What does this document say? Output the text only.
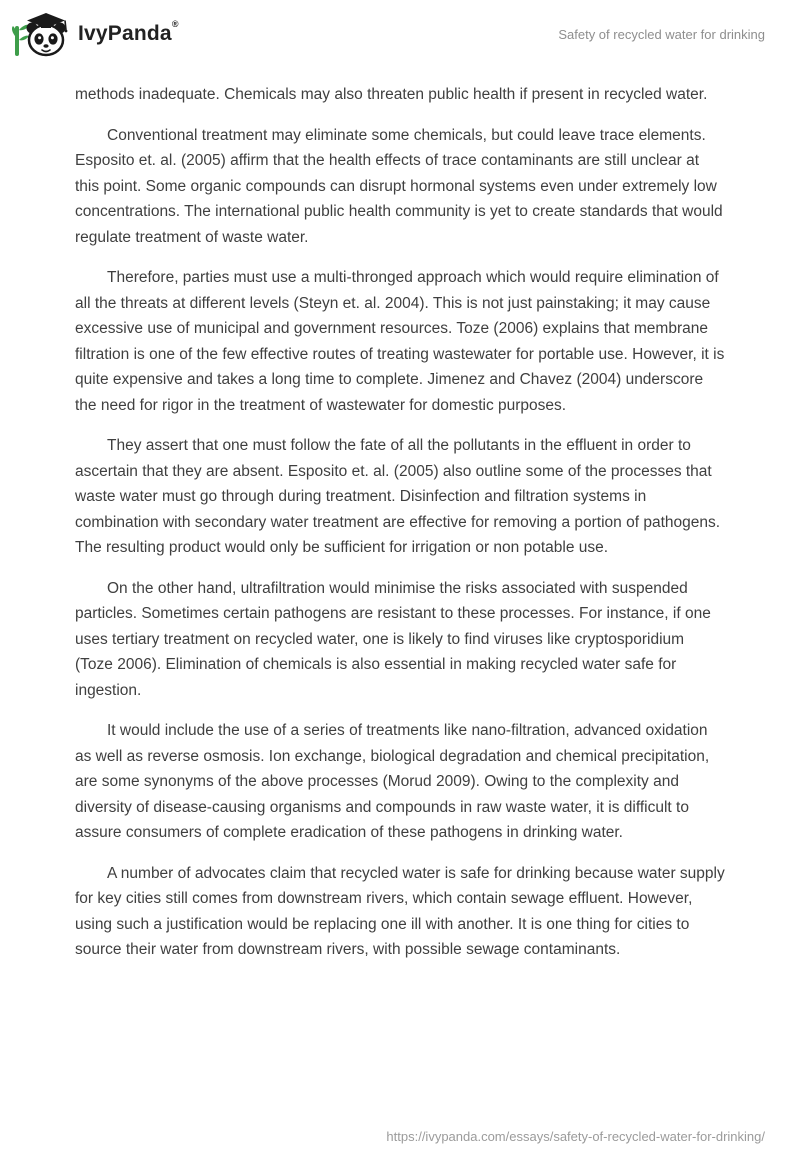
IvyPanda®
Safety of recycled water for drinking

methods inadequate. Chemicals may also threaten public health if present in recycled water.

Conventional treatment may eliminate some chemicals, but could leave trace elements. Esposito et. al. (2005) affirm that the health effects of trace contaminants are still unclear at this point. Some organic compounds can disrupt hormonal systems even under extremely low concentrations. The international public health community is yet to create standards that would regulate treatment of waste water.

Therefore, parties must use a multi-thronged approach which would require elimination of all the threats at different levels (Steyn et. al. 2004). This is not just painstaking; it may cause excessive use of municipal and government resources. Toze (2006) explains that membrane filtration is one of the few effective routes of treating wastewater for portable use. However, it is quite expensive and takes a long time to complete. Jimenez and Chavez (2004) underscore the need for rigor in the treatment of wastewater for domestic purposes.

They assert that one must follow the fate of all the pollutants in the effluent in order to ascertain that they are absent. Esposito et. al. (2005) also outline some of the processes that waste water must go through during treatment. Disinfection and filtration systems in combination with secondary water treatment are effective for removing a portion of pathogens. The resulting product would only be sufficient for irrigation or non potable use.

On the other hand, ultrafiltration would minimise the risks associated with suspended particles. Sometimes certain pathogens are resistant to these processes. For instance, if one uses tertiary treatment on recycled water, one is likely to find viruses like cryptosporidium (Toze 2006). Elimination of chemicals is also essential in making recycled water safe for ingestion.

It would include the use of a series of treatments like nano-filtration, advanced oxidation as well as reverse osmosis. Ion exchange, biological degradation and chemical precipitation, are some synonyms of the above processes (Morud 2009). Owing to the complexity and diversity of disease-causing organisms and compounds in raw waste water, it is difficult to assure consumers of complete eradication of these pathogens in drinking water.

A number of advocates claim that recycled water is safe for drinking because water supply for key cities still comes from downstream rivers, which contain sewage effluent. However, using such a justification would be replacing one ill with another. It is one thing for cities to source their water from downstream rivers, with possible sewage contaminants.

https://ivypanda.com/essays/safety-of-recycled-water-for-drinking/
